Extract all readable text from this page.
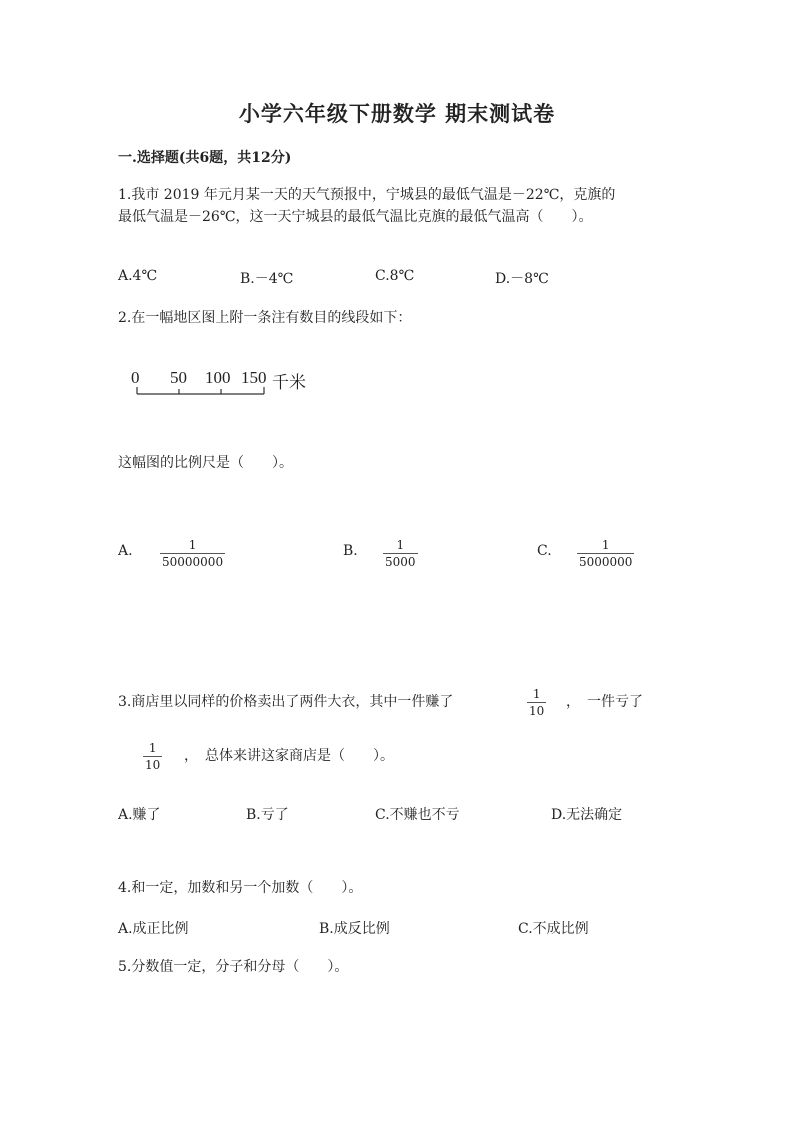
小学六年级下册数学 期末测试卷
一.选择题(共6题，共12分)
1.我市 2019 年元月某一天的天气预报中，宁城县的最低气温是－22℃，克旗的
最低气温是－26℃，这一天宁城县的最低气温比克旗的最低气温高（　　）。
A.4℃	B.－4℃	C.8℃	D.－8℃
2.在一幅地区图上附一条注有数目的线段如下：
0 50 100 150 千米
这幅图的比例尺是（　　）。
A.	1
50000000
B.	1
5000
C.	1
5000000
3.商店里以同样的价格卖出了两件大衣，其中一件赚了	1
10
，　一件亏了
1
10
，　总体来讲这家商店是（　　）。
A.赚了	B.亏了	C.不赚也不亏	D.无法确定
4.和一定，加数和另一个加数（　　）。
A.成正比例	B.成反比例	C.不成比例
5.分数值一定，分子和分母（　　）。
